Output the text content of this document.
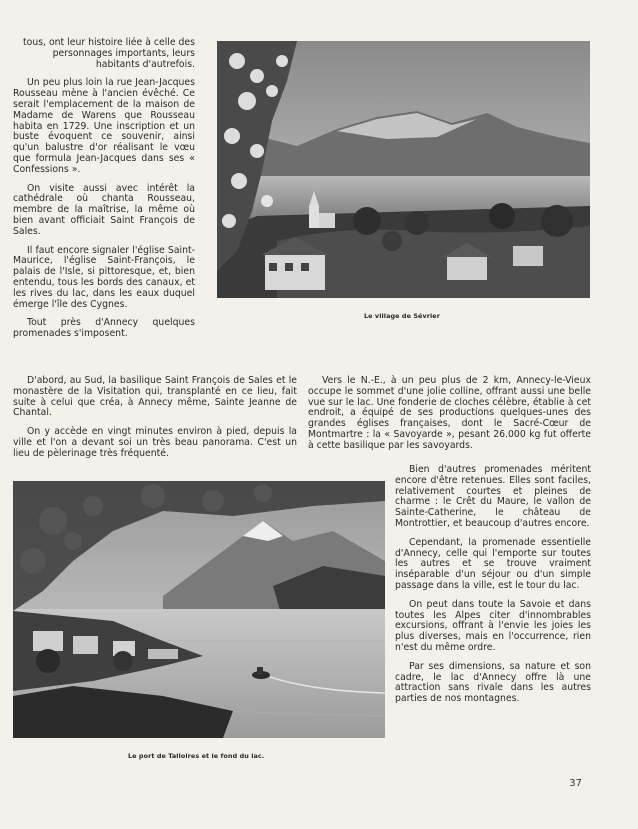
tous, ont leur histoire liée à celle des personnages importants, leurs habitants d'autrefois.

Un peu plus loin la rue Jean-Jacques Rousseau mène à l'ancien évêché. Ce serait l'emplacement de la maison de Madame de Warens que Rousseau habita en 1729. Une inscription et un buste évoquent ce souvenir, ainsi qu'un balustre d'or réalisant le vœu que formula Jean-Jacques dans ses « Confessions ».

On visite aussi avec intérêt la cathédrale où chanta Rousseau, membre de la maîtrise, la même où bien avant officiait Saint François de Sales.

Il faut encore signaler l'église Saint-Maurice, l'église Saint-François, le palais de l'Isle, si pittoresque, et, bien entendu, tous les bords des canaux, et les rives du lac, dans les eaux duquel émerge l'île des Cygnes.

Tout près d'Annecy quelques promenades s'imposent.

Le village de Sévrier

D'abord, au Sud, la basilique Saint François de Sales et le monastère de la Visitation qui, transplanté en ce lieu, fait suite à celui que créa, à Annecy même, Sainte Jeanne de Chantal.

On y accède en vingt minutes environ à pied, depuis la ville et l'on a devant soi un très beau panorama. C'est un lieu de pèlerinage très fréquenté.

Vers le N.-E., à un peu plus de 2 km, Annecy-le-Vieux occupe le sommet d'une jolie colline, offrant aussi une belle vue sur le lac. Une fonderie de cloches célèbre, établie à cet endroit, a équipé de ses productions quelques-unes des grandes églises françaises, dont le Sacré-Cœur de Montmartre : la « Savoyarde », pesant 26.000 kg fut offerte à cette basilique par les savoyards.

Le port de Talloires et le fond du lac.

Bien d'autres promenades méritent encore d'être retenues. Elles sont faciles, relativement courtes et pleines de charme : le Crêt du Maure, le vallon de Sainte-Catherine, le château de Montrottier, et beaucoup d'autres encore.

Cependant, la promenade essentielle d'Annecy, celle qui l'emporte sur toutes les autres et se trouve vraiment inséparable d'un séjour ou d'un simple passage dans la ville, est le tour du lac.

On peut dans toute la Savoie et dans toutes les Alpes citer d'innombrables excursions, offrant à l'envie les joies les plus diverses, mais en l'occurrence, rien n'est du même ordre.

Par ses dimensions, sa nature et son cadre, le lac d'Annecy offre là une attraction sans rivale dans les autres parties de nos montagnes.

37
